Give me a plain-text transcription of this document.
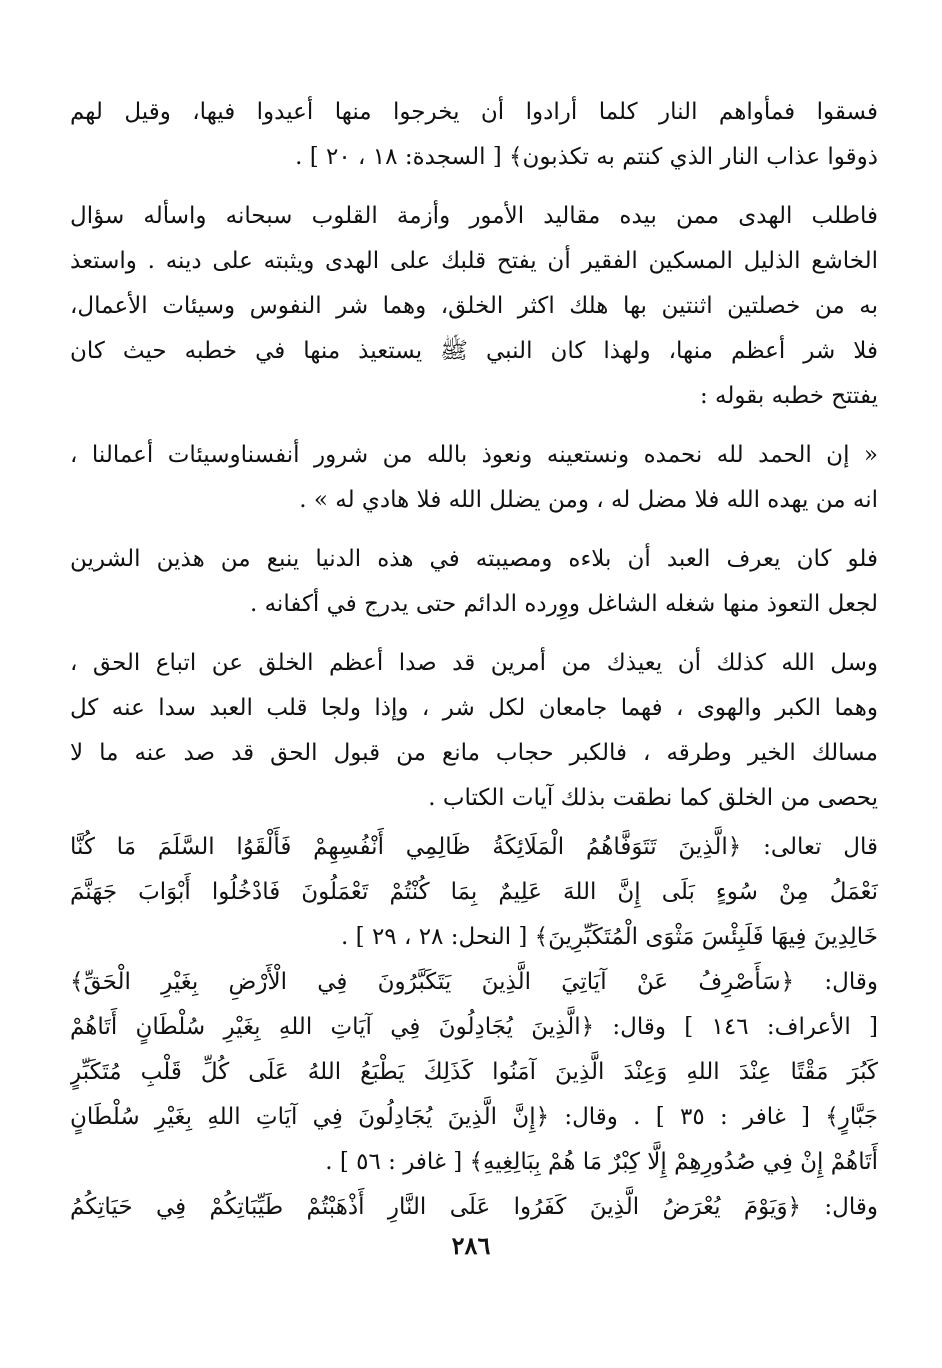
فسقوا فمأواهم النار كلما أرادوا أن يخرجوا منها أعيدوا فيها، وقيل لهم
ذوقوا عذاب النار الذي كنتم به تكذبون﴾ [ السجدة: ١٨ ، ٢٠ ] .
فاطلب الهدى ممن بيده مقاليد الأمور وأزمة القلوب سبحانه واسأله سؤال
الخاشع الذليل المسكين الفقير أن يفتح قلبك على الهدى ويثبته على دينه . واستعذ
به من خصلتين اثنتين بها هلك اكثر الخلق، وهما شر النفوس وسيئات الأعمال،
فلا شر أعظم منها، ولهذا كان النبي ﷺ يستعيذ منها في خطبه حيث كان
يفتتح خطبه بقوله :
« إن الحمد لله نحمده ونستعينه ونعوذ بالله من شرور أنفسناوسيئات أعمالنا ،
انه من يهده الله فلا مضل له ، ومن يضلل الله فلا هادي له » .
فلو كان يعرف العبد أن بلاءه ومصيبته في هذه الدنيا ينبع من هذين الشرين
لجعل التعوذ منها شغله الشاغل ووِرده الدائم حتى يدرج في أكفانه .
وسل الله كذلك أن يعيذك من أمرين قد صدا أعظم الخلق عن اتباع الحق ،
وهما الكبر والهوى ، فهما جامعان لكل شر ، وإذا ولجا قلب العبد سدا عنه كل
مسالك الخير وطرقه ، فالكبر حجاب مانع من قبول الحق قد صد عنه ما لا
يحصى من الخلق كما نطقت بذلك آيات الكتاب .
قال تعالى: ﴿الَّذِينَ تَتَوَفَّاهُمُ الْمَلَائِكَةُ ظَالِمِي أَنْفُسِهِمْ فَأَلْقَوُا السَّلَمَ مَا كُنَّا
نَعْمَلُ مِنْ سُوءٍ بَلَى إِنَّ اللهَ عَلِيمٌ بِمَا كُنْتُمْ تَعْمَلُونَ فَادْخُلُوا أَبْوَابَ جَهَنَّمَ
خَالِدِينَ فِيهَا فَلَبِئْسَ مَثْوَى الْمُتَكَبِّرِينَ﴾ [ النحل: ٢٨ ، ٢٩ ] .
وقال: ﴿سَأَصْرِفُ عَنْ آيَاتِيَ الَّذِينَ يَتَكَبَّرُونَ فِي الْأَرْضِ بِغَيْرِ الْحَقِّ﴾
[ الأعراف: ١٤٦ ] وقال: ﴿الَّذِينَ يُجَادِلُونَ فِي آيَاتِ اللهِ بِغَيْرِ سُلْطَانٍ أَتَاهُمْ
كَبُرَ مَقْتًا عِنْدَ اللهِ وَعِنْدَ الَّذِينَ آمَنُوا كَذَلِكَ يَطْبَعُ اللهُ عَلَى كُلِّ قَلْبِ مُتَكَبِّرٍ
جَبَّارٍ﴾ [ غافر : ٣٥ ] . وقال: ﴿إِنَّ الَّذِينَ يُجَادِلُونَ فِي آيَاتِ اللهِ بِغَيْرِ سُلْطَانٍ
أَتَاهُمْ إِنْ فِي صُدُورِهِمْ إِلَّا كِبْرٌ مَا هُمْ بِبَالِغِيهِ﴾ [ غافر : ٥٦ ] .
وقال: ﴿وَيَوْمَ يُعْرَضُ الَّذِينَ كَفَرُوا عَلَى النَّارِ أَذْهَبْتُمْ طَيِّبَاتِكُمْ فِي حَيَاتِكُمُ
٢٨٦
